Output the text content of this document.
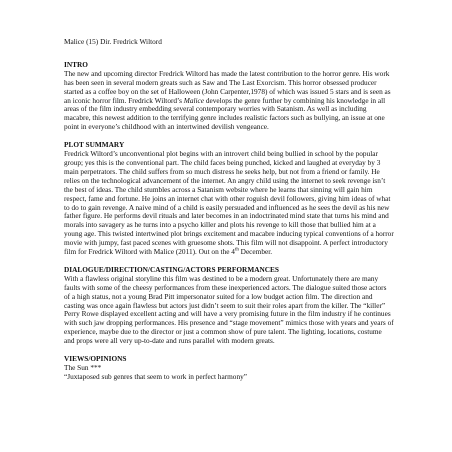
Malice (15) Dir. Fredrick Wiltord

INTRO

The new and upcoming director Fredrick Wiltord has made the latest contribution to the horror genre. His work has been seen in several modern greats such as Saw and The Last Exorcism. This horror obsessed producer started as a coffee boy on the set of Halloween (John Carpenter,1978) of which was issued 5 stars and is seen as an iconic horror film. Fredrick Wiltord’s Malice develops the genre further by combining his knowledge in all areas of the film industry embedding several contemporary worries with Satanism. As well as including macabre, this newest addition to the terrifying genre includes realistic factors such as bullying, an issue at one point in everyone’s childhood with an intertwined devilish vengeance.

PLOT SUMMARY

Fredrick Wiltord’s unconventional plot begins with an introvert child being bullied in school by the popular group; yes this is the conventional part. The child faces being punched, kicked and laughed at everyday by 3 main perpetrators. The child suffers from so much distress he seeks help, but not from a friend or family. He relies on the technological advancement of the internet. An angry child using the internet to seek revenge isn’t the best of ideas. The child stumbles across a Satanism website where he learns that sinning will gain him respect, fame and fortune. He joins an internet chat with other roguish devil followers, giving him ideas of what to do to gain revenge. A naive mind of a child is easily persuaded and influenced as he sees the devil as his new father figure. He performs devil rituals and later becomes in an indoctrinated mind state that turns his mind and morals into savagery as he turns into a psycho killer and plots his revenge to kill those that bullied him at a young age. This twisted intertwined plot brings excitement and macabre inducing typical conventions of a horror movie with jumpy, fast paced scenes with gruesome shots. This film will not disappoint. A perfect introductory film for Fredrick Wiltord with Malice (2011). Out on the 4th December.

DIALOGUE/DIRECTION/CASTING/ACTORS PERFORMANCES

With a flawless original storyline this film was destined to be a modern great. Unfortunately there are many faults with some of the cheesy performances from these inexperienced actors. The dialogue suited those actors of a high status, not a young Brad Pitt impersonator suited for a low budget action film. The direction and casting was once again flawless but actors just didn’t seem to suit their roles apart from the killer. The “killer” Perry Rowe displayed excellent acting and will have a very promising future in the film industry if he continues with such jaw dropping performances. His presence and “stage movement” mimics those with years and years of experience, maybe due to the director or just a common show of pure talent. The lighting, locations, costume and props were all very up-to-date and runs parallel with modern greats.

VIEWS/OPINIONS

The Sun ***

“Juxtaposed sub genres that seem to work in perfect harmony”
